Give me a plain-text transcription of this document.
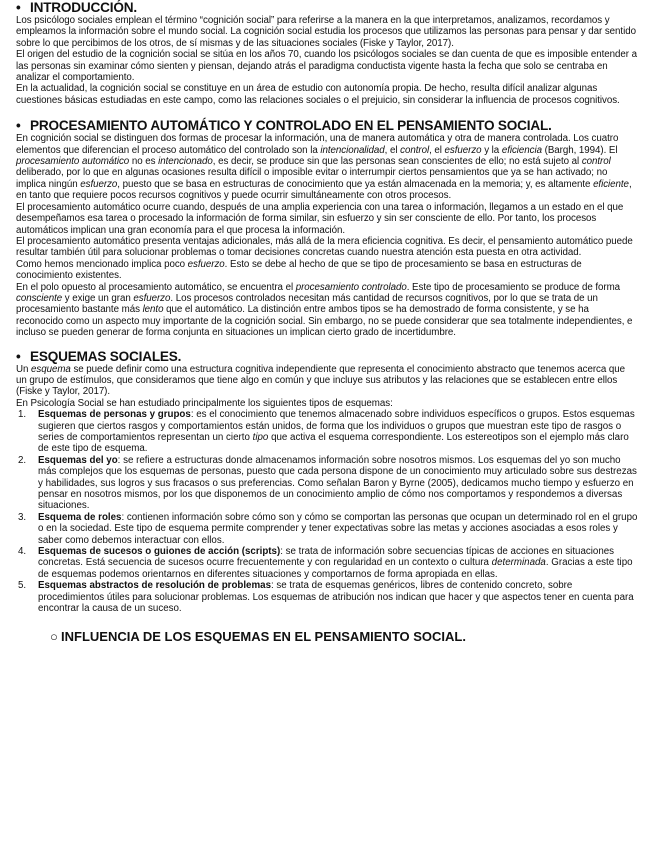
• INTRODUCCIÓN.

Los psicólogo sociales emplean el término “cognición social” para referirse a la manera en la que interpretamos, analizamos, recordamos y empleamos la información sobre el mundo social. La cognición social estudia los procesos que utilizamos las personas para pensar y dar sentido sobre lo que percibimos de los otros, de sí mismas y de las situaciones sociales (Fiske y Taylor, 2017).

El origen del estudio de la cognición social se sitúa en los años 70, cuando los psicólogos sociales se dan cuenta de que es imposible entender a las personas sin examinar cómo sienten y piensan, dejando atrás el paradigma conductista vigente hasta la fecha que solo se centraba en analizar el comportamiento.

En la actualidad, la cognición social se constituye en un área de estudio con autonomía propia. De hecho, resulta difícil analizar algunas cuestiones básicas estudiadas en este campo, como las relaciones sociales o el prejuicio, sin considerar la influencia de procesos cognitivos.

• PROCESAMIENTO AUTOMÁTICO Y CONTROLADO EN EL PENSAMIENTO SOCIAL.

En cognición social se distinguen dos formas de procesar la información, una de manera automática y otra de manera controlada. Los cuatro elementos que diferencian el proceso automático del controlado son la intencionalidad, el control, el esfuerzo y la eficiencia (Bargh, 1994). El procesamiento automático no es intencionado, es decir, se produce sin que las personas sean conscientes de ello; no está sujeto al control deliberado, por lo que en algunas ocasiones resulta difícil o imposible evitar o interrumpir ciertos pensamientos que ya se han activado; no implica ningún esfuerzo, puesto que se basa en estructuras de conocimiento que ya están almacenada en la memoria; y, es altamente eficiente, en tanto que requiere pocos recursos cognitivos y puede ocurrir simultáneamente con otros procesos.

El procesamiento automático ocurre cuando, después de una amplia experiencia con una tarea o información, llegamos a un estado en el que desempeñamos esa tarea o procesado la información de forma similar, sin esfuerzo y sin ser consciente de ello. Por tanto, los procesos automáticos implican una gran economía para el que procesa la información.

El procesamiento automático presenta ventajas adicionales, más allá de la mera eficiencia cognitiva. Es decir, el pensamiento automático puede resultar también útil para solucionar problemas o tomar decisiones concretas cuando nuestra atención esta puesta en otra actividad.

Como hemos mencionado implica poco esfuerzo. Esto se debe al hecho de que se tipo de procesamiento se basa en estructuras de conocimiento existentes.

En el polo opuesto al procesamiento automático, se encuentra el procesamiento controlado. Este tipo de procesamiento se produce de forma consciente y exige un gran esfuerzo. Los procesos controlados necesitan más cantidad de recursos cognitivos, por lo que se trata de un procesamiento bastante más lento que el automático. La distinción entre ambos tipos se ha demostrado de forma consistente, y se ha reconocido como un aspecto muy importante de la cognición social. Sin embargo, no se puede considerar que sea totalmente independientes, e incluso se pueden generar de forma conjunta en situaciones un implican cierto grado de incertidumbre.

• ESQUEMAS SOCIALES.

Un esquema se puede definir como una estructura cognitiva independiente que representa el conocimiento abstracto que tenemos acerca que un grupo de estímulos, que consideramos que tiene algo en común y que incluye sus atributos y las relaciones que se establecen entre ellos (Fiske y Taylor, 2017).

En Psicología Social se han estudiado principalmente los siguientes tipos de esquemas:

1. Esquemas de personas y grupos: es el conocimiento que tenemos almacenado sobre individuos específicos o grupos. Estos esquemas sugieren que ciertos rasgos y comportamientos están unidos, de forma que los individuos o grupos que muestran este tipo de rasgos o series de comportamientos representan un cierto tipo que activa el esquema correspondiente. Los estereotipos son el ejemplo más claro de este tipo de esquema.
2. Esquemas del yo: se refiere a estructuras donde almacenamos información sobre nosotros mismos. Los esquemas del yo son mucho más complejos que los esquemas de personas, puesto que cada persona dispone de un conocimiento muy articulado sobre sus destrezas y habilidades, sus logros y sus fracasos o sus preferencias. Como señalan Baron y Byrne (2005), dedicamos mucho tiempo y esfuerzo en pensar en nosotros mismos, por los que disponemos de un conocimiento amplio de cómo nos comportamos y respondemos a diversas situaciones.
3. Esquema de roles: contienen información sobre cómo son y cómo se comportan las personas que ocupan un determinado rol en el grupo o en la sociedad. Este tipo de esquema permite comprender y tener expectativas sobre las metas y acciones asociadas a esos roles y saber como debemos interactuar con ellos.
4. Esquemas de sucesos o guiones de acción (scripts): se trata de información sobre secuencias típicas de acciones en situaciones concretas. Está secuencia de sucesos ocurre frecuentemente y con regularidad en un contexto o cultura determinada. Gracias a este tipo de esquemas podemos orientarnos en diferentes situaciones y comportarnos de forma apropiada en ellas.
5. Esquemas abstractos de resolución de problemas: se trata de esquemas genéricos, libres de contenido concreto, sobre procedimientos útiles para solucionar problemas. Los esquemas de atribución nos indican que hacer y que aspectos tener en cuenta para encontrar la causa de un suceso.
○ INFLUENCIA DE LOS ESQUEMAS EN EL PENSAMIENTO SOCIAL.
